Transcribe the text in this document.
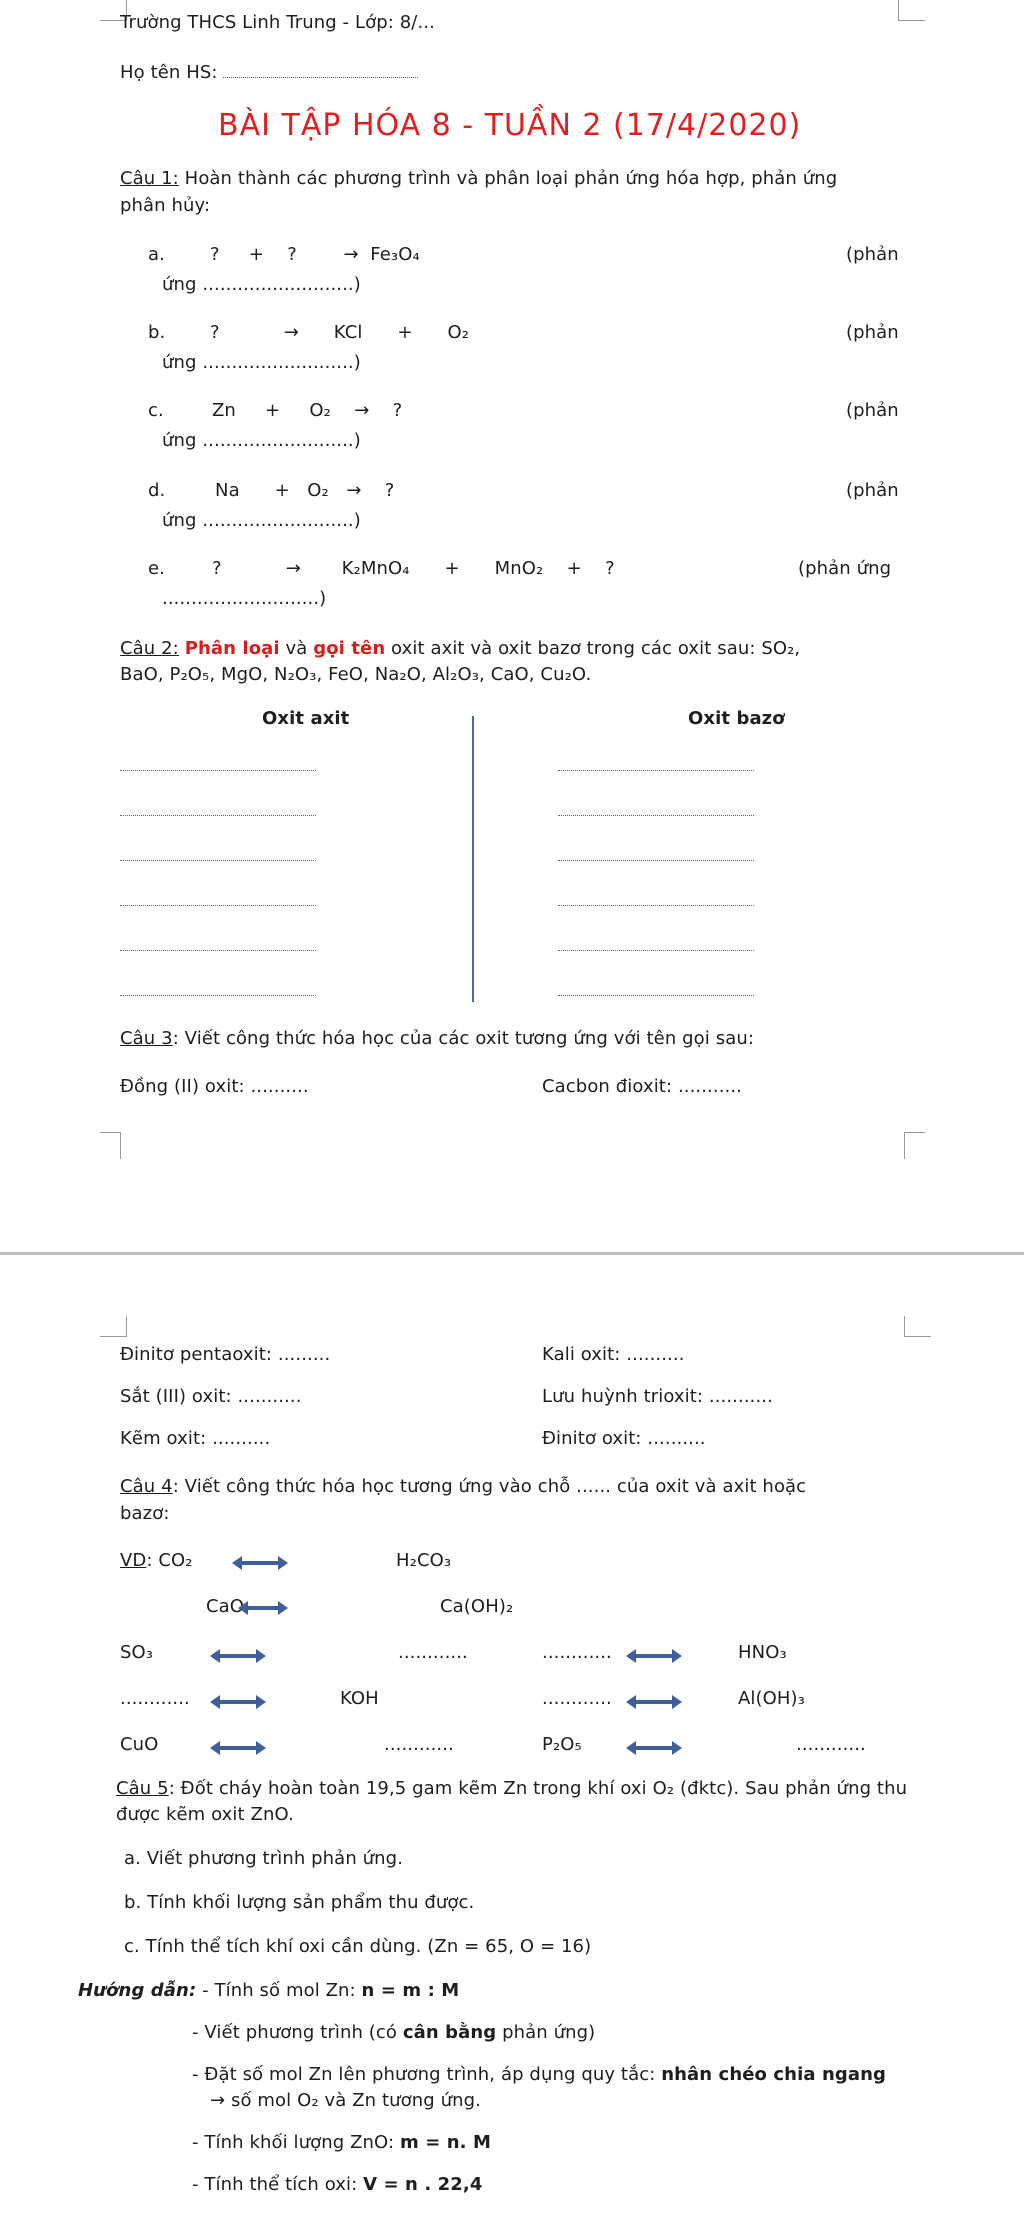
Trường THCS Linh Trung - Lớp: 8/...
Họ tên HS:
BÀI TẬP HÓA 8 - TUẦN 2 (17/4/2020)
Câu 1: Hoàn thành các phương trình và phân loại phản ứng hóa hợp, phản ứng
phân hủy:
a.	?     +    ?        →  Fe₃O₄	(phản
ứng ..........................)
b. ?           →      KCl      +      O₂	(phản
ứng ..........................)
c.	Zn     +     O₂    →    ?	(phản
ứng ..........................)
d.	Na      +   O₂   →    ?	(phản
ứng ..........................)
e.	?           →       K₂MnO₄      +      MnO₂    +    ?	(phản ứng
...........................)
Câu 2: Phân loại và gọi tên oxit axit và oxit bazơ trong các oxit sau: SO₂,
BaO, P₂O₅, MgO, N₂O₃, FeO, Na₂O, Al₂O₃, CaO, Cu₂O.
Oxit axit	Oxit bazơ
Câu 3: Viết công thức hóa học của các oxit tương ứng với tên gọi sau:
Đồng (II) oxit: ..........	Cacbon đioxit: ...........
Đinitơ pentaoxit: .........	Kali oxit: ..........
Sắt (III) oxit: ...........	Lưu huỳnh trioxit: ...........
Kẽm oxit: ..........	Đinitơ oxit: ..........
Câu 4: Viết công thức hóa học tương ứng vào chỗ ...... của oxit và axit hoặc
bazơ:
VD: CO₂	H₂CO₃
CaO	Ca(OH)₂
SO₃	............	............	HNO₃
............	KOH	............	Al(OH)₃
CuO	............	P₂O₅	............
Câu 5: Đốt cháy hoàn toàn 19,5 gam kẽm Zn trong khí oxi O₂ (đktc). Sau phản ứng thu
được kẽm oxit ZnO.
a. Viết phương trình phản ứng.
b. Tính khối lượng sản phẩm thu được.
c. Tính thể tích khí oxi cần dùng. (Zn = 65, O = 16)
Hướng dẫn: - Tính số mol Zn: n = m : M
- Viết phương trình (có cân bằng phản ứng)
- Đặt số mol Zn lên phương trình, áp dụng quy tắc: nhân chéo chia ngang
→ số mol O₂ và Zn tương ứng.
- Tính khối lượng ZnO: m = n. M
- Tính thể tích oxi: V = n . 22,4
